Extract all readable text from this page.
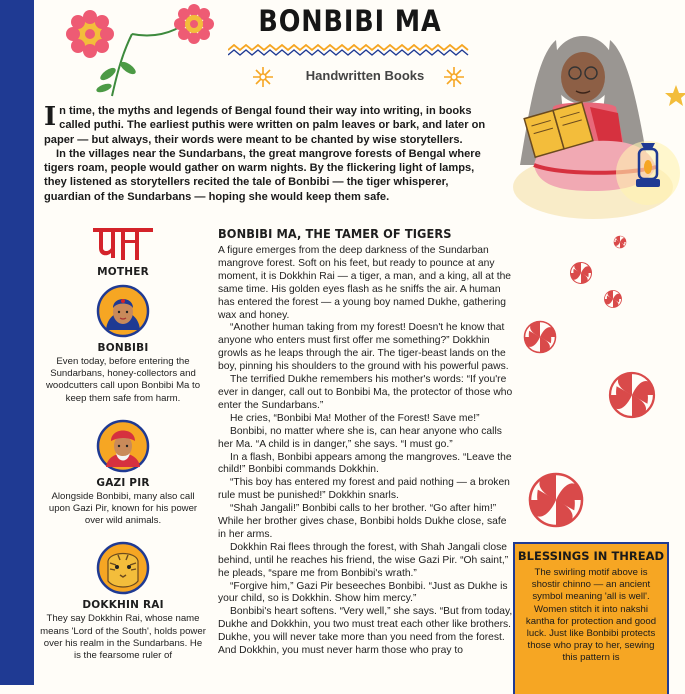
BONBIBI MA
Handwritten Books

In time, the myths and legends of Bengal found their way into writing, in books called puthi. The earliest puthis were written on palm leaves or bark, and later on paper — but always, their words were meant to be chanted by wise storytellers.

In the villages near the Sundarbans, the great mangrove forests of Bengal where tigers roam, people would gather on warm nights. By the flickering light of lamps, they listened as storytellers recited the tale of Bonbibi — the tiger whisperer, guardian of the Sundarbans — hoping she would keep them safe.

MOTHER
BONBIBI
Even today, before entering the Sundarbans, honey-collectors and woodcutters call upon Bonbibi Ma to keep them safe from harm.
GAZI PIR
Alongside Bonbibi, many also call upon Gazi Pir, known for his power over wild animals.
DOKKHIN RAI
They say Dokkhin Rai, whose name means 'Lord of the South', holds power over his realm in the Sundarbans. He is the fearsome ruler of
BONBIBI MA, THE TAMER OF TIGERS

A figure emerges from the deep darkness of the Sundarban mangrove forest. Soft on his feet, but ready to pounce at any moment, it is Dokkhin Rai — a tiger, a man, and a king, all at the same time. His golden eyes flash as he sniffs the air. A human has entered the forest — a young boy named Dukhe, gathering wax and honey.

“Another human taking from my forest! Doesn't he know that anyone who enters must first offer me something?” Dokkhin growls as he leaps through the air. The tiger-beast lands on the boy, pinning his shoulders to the ground with his powerful paws.

The terrified Dukhe remembers his mother's words: “If you're ever in danger, call out to Bonbibi Ma, the protector of those who enter the Sundarbans.”

He cries, “Bonbibi Ma! Mother of the Forest! Save me!”

Bonbibi, no matter where she is, can hear anyone who calls her Ma. “A child is in danger,” she says. “I must go.”

In a flash, Bonbibi appears among the mangroves. “Leave the child!” Bonbibi commands Dokkhin.

“This boy has entered my forest and paid nothing — a broken rule must be punished!” Dokkhin snarls.

“Shah Jangali!” Bonbibi calls to her brother. “Go after him!” While her brother gives chase, Bonbibi holds Dukhe close, safe in her arms.

Dokkhin Rai flees through the forest, with Shah Jangali close behind, until he reaches his friend, the wise Gazi Pir. “Oh saint,” he pleads, “spare me from Bonbibi's wrath.”

“Forgive him,” Gazi Pir beseeches Bonbibi. “Just as Dukhe is your child, so is Dokkhin. Show him mercy.”

Bonbibi's heart softens. “Very well,” she says. “But from today, Dukhe and Dokkhin, you two must treat each other like brothers. Dukhe, you will never take more than you need from the forest. And Dokkhin, you must never harm those who pray to

BLESSINGS IN THREAD
The swirling motif above is shostir chinno — an ancient symbol meaning 'all is well'. Women stitch it into nakshi kantha for protection and good luck. Just like Bonbibi protects those who pray to her, sewing this pattern is
